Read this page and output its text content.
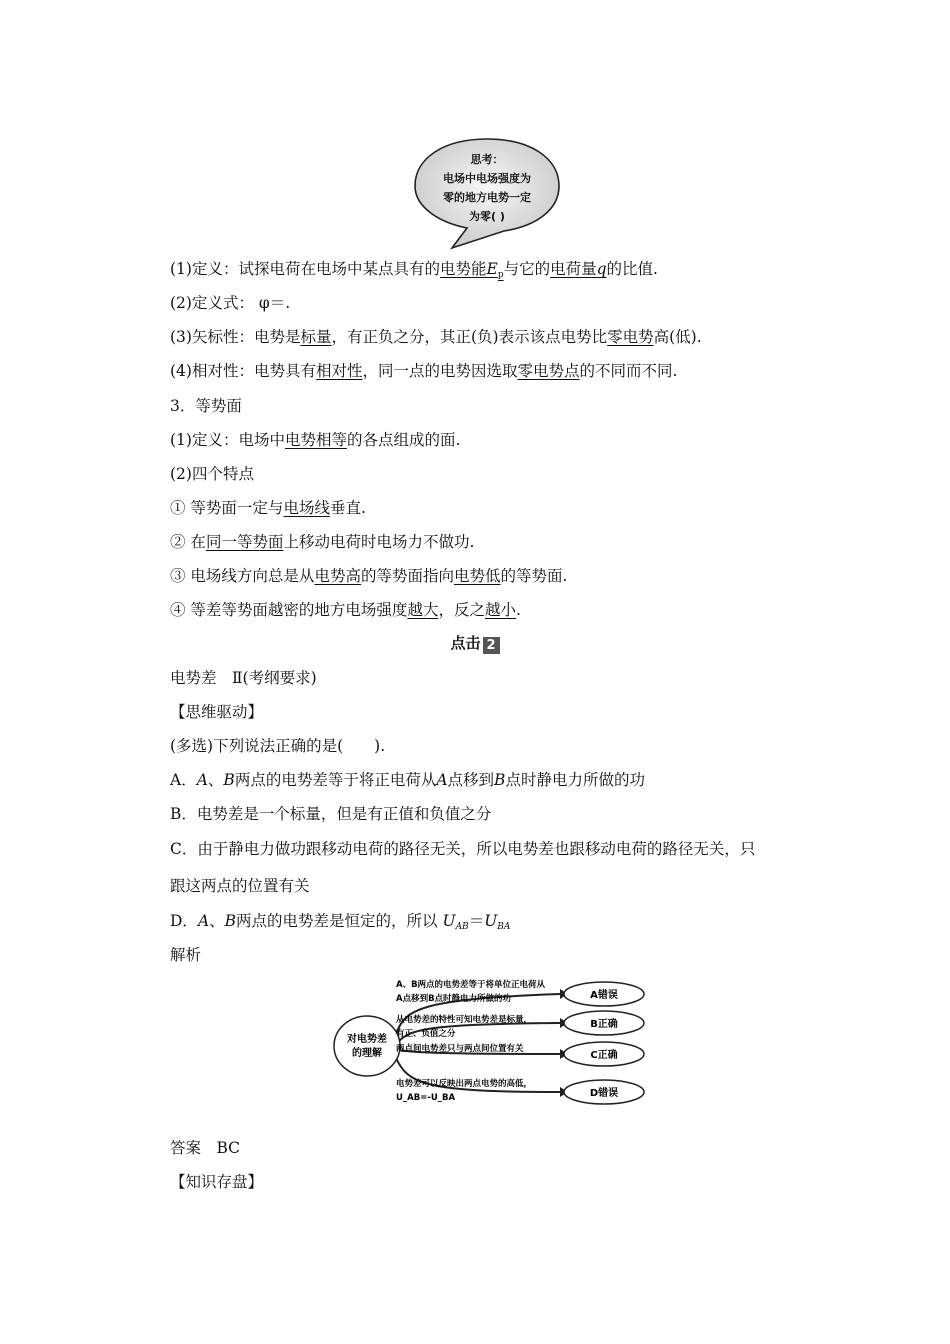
思考：
电场中电场强度为
零的地方电势一定
为零( )
(1)定义：试探电荷在电场中某点具有的电势能$E_p$与它的电荷量q的比值.
(2)定义式： φ＝.
(3)矢标性：电势是标量，有正负之分，其正(负)表示该点电势比零电势高(低).
(4)相对性：电势具有相对性，同一点的电势因选取零电势点的不同而不同.
3．等势面
(1)定义：电场中电势相等的各点组成的面.
(2)四个特点
① 等势面一定与电场线垂直.
② 在同一等势面上移动电荷时电场力不做功.
③ 电场线方向总是从电势高的等势面指向电势低的等势面.
④ 等差等势面越密的地方电场强度越大，反之越小.
点击 2
电势差　Ⅱ(考纲要求)
【思维驱动】
(多选)下列说法正确的是(　　).
A．A、B两点的电势差等于将正电荷从A点移到B点时静电力所做的功
B．电势差是一个标量，但是有正值和负值之分
C．由于静电力做功跟移动电荷的路径无关，所以电势差也跟移动电荷的路径无关，只
跟这两点的位置有关
D．A、B两点的电势差是恒定的，所以 $U_{AB}=U_{BA}$
解析
对电势差
的理解
A、B两点的电势差等于将单位正电荷从
A点移到B点时静电力所做的功
从电势差的特性可知电势差是标量，
有正、负值之分
两点间电势差只与两点间位置有关
电势差可以反映出两点电势的高低，
U_AB=-U_BA
A错误
B正确
C正确
D错误
答案　BC
【知识存盘】
